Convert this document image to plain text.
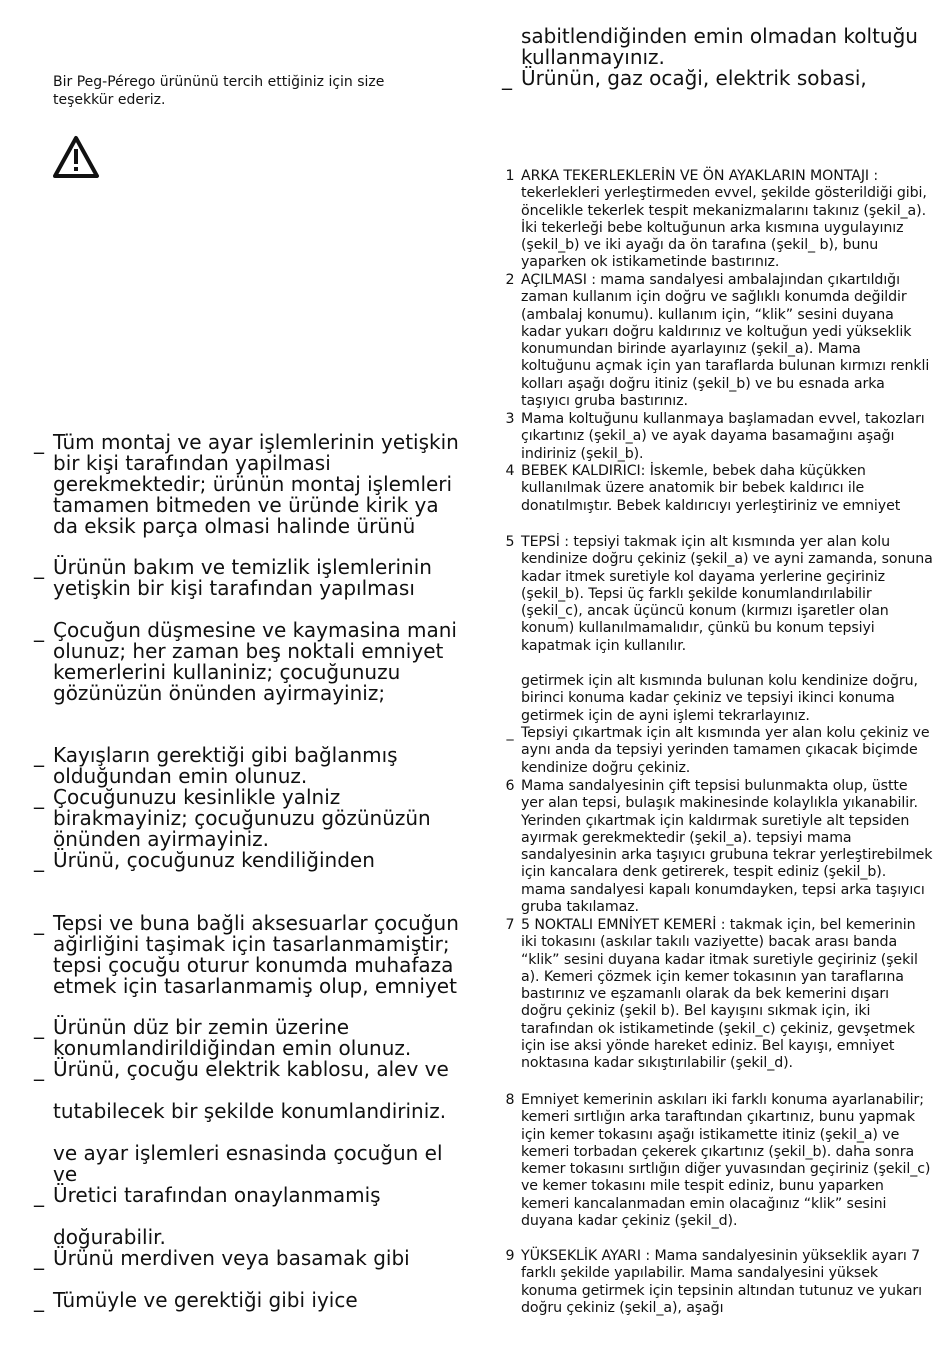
Bir Peg-Pérego ürününü tercih ettiğiniz için size teşekkür ederiz.
_ Tüm montaj ve ayar işlemlerinin yetişkin bir kişi tarafından yapilmasi gerekmektedir; ürünün montaj işlemleri tamamen bitmeden ve üründe kirik ya da eksik parça olmasi halinde ürünü
_ Ürünün bakım ve temizlik işlemlerinin yetişkin bir kişi tarafından yapılması
_ Çocuğun düşmesine ve kaymasina mani olunuz; her zaman beş noktali emniyet kemerlerini kullaniniz; çocuğunuzu gözünüzün önünden ayirmayiniz;
_ Kayışların gerektiği gibi bağlanmış olduğundan emin olunuz.
_ Çocuğunuzu kesinlikle yalniz birakmayiniz; çocuğunuzu gözünüzün önünden ayirmayiniz.
_ Ürünü, çocuğunuz kendiliğinden
_ Tepsi ve buna bağli aksesuarlar çocuğun ağirliğini taşimak için tasarlanmamiştir; tepsi çocuğu oturur konumda muhafaza etmek için tasarlanmamiş olup, emniyet
_ Ürünün düz bir zemin üzerine konumlandirildiğindan emin olunuz.
_ Ürünü, çocuğu elektrik kablosu, alev ve
tutabilecek bir şekilde konumlandiriniz.
ve ayar işlemleri esnasinda çocuğun el ve
_ Üretici tarafından onaylanmamiş
doğurabilir.
_ Ürünü merdiven veya basamak gibi
_ Tümüyle ve gerektiği gibi iyice
sabitlendiğinden emin olmadan koltuğu kullanmayınız.
_ Ürünün, gaz ocaği, elektrik sobasi,
1 ARKA TEKERLEKLERİN VE ÖN AYAKLARIN MONTAJI : tekerlekleri yerleştirmeden evvel, şekilde gösterildiği gibi, öncelikle tekerlek tespit mekanizmalarını takınız (şekil_a). İki tekerleği bebe koltuğunun arka kısmına uygulayınız (şekil_b) ve iki ayağı da ön tarafına (şekil_ b), bunu yaparken ok istikametinde bastırınız.
2 AÇILMASI : mama sandalyesi ambalajından çıkartıldığı zaman kullanım için doğru ve sağlıklı konumda değildir (ambalaj konumu). kullanım için, “klik” sesini duyana kadar yukarı doğru kaldırınız ve koltuğun yedi yükseklik konumundan birinde ayarlayınız (şekil_a). Mama koltuğunu açmak için yan taraflarda bulunan kırmızı renkli kolları aşağı doğru itiniz (şekil_b) ve bu esnada arka taşıyıcı gruba bastırınız.
3 Mama koltuğunu kullanmaya başlamadan evvel, takozları çıkartınız (şekil_a) ve ayak dayama basamağını aşağı indiriniz (şekil_b).
4 BEBEK KALDIRICI: İskemle, bebek daha küçükken kullanılmak üzere anatomik bir bebek kaldırıcı ile donatılmıştır. Bebek kaldırıcıyı yerleştiriniz ve emniyet
5 TEPSİ : tepsiyi takmak için alt kısmında yer alan kolu kendinize doğru çekiniz (şekil_a) ve ayni zamanda, sonuna kadar itmek suretiyle kol dayama yerlerine geçiriniz (şekil_b). Tepsi üç farklı şekilde konumlandırılabilir (şekil_c), ancak üçüncü konum (kırmızı işaretler olan konum) kullanılmamalıdır, çünkü bu konum tepsiyi kapatmak için kullanılır.
getirmek için alt kısmında bulunan kolu kendinize doğru, birinci konuma kadar çekiniz ve tepsiyi ikinci konuma getirmek için de ayni işlemi tekrarlayınız.
_ Tepsiyi çıkartmak için alt kısmında yer alan kolu çekiniz ve aynı anda da tepsiyi yerinden tamamen çıkacak biçimde kendinize doğru çekiniz.
6 Mama sandalyesinin çift tepsisi bulunmakta olup, üstte yer alan tepsi, bulaşık makinesinde kolaylıkla yıkanabilir. Yerinden çıkartmak için kaldırmak suretiyle alt tepsiden ayırmak gerekmektedir (şekil_a). tepsiyi mama sandalyesinin arka taşıyıcı grubuna tekrar yerleştirebilmek için kancalara denk getirerek, tespit ediniz (şekil_b). mama sandalyesi kapalı konumdayken, tepsi arka taşıyıcı gruba takılamaz.
7 5 NOKTALI EMNİYET KEMERİ : takmak için, bel kemerinin iki tokasını (askılar takılı vaziyette) bacak arası banda “klik” sesini duyana kadar itmak suretiyle geçiriniz (şekil a). Kemeri çözmek için kemer tokasının yan taraflarına bastırınız ve eşzamanlı olarak da bek kemerini dışarı doğru çekiniz (şekil b). Bel kayışını sıkmak için, iki tarafından ok istikametinde (şekil_c) çekiniz, gevşetmek için ise aksi yönde hareket ediniz. Bel kayışı, emniyet noktasına kadar sıkıştırılabilir (şekil_d).
8 Emniyet kemerinin askıları iki farklı konuma ayarlanabilir; kemeri sırtlığın arka taraftından çıkartınız, bunu yapmak için kemer tokasını aşağı istikamette itiniz (şekil_a) ve kemeri torbadan çekerek çıkartınız (şekil_b). daha sonra kemer tokasını sırtlığın diğer yuvasından geçiriniz (şekil_c) ve kemer tokasını mile tespit ediniz, bunu yaparken kemeri kancalanmadan emin olacağınız “klik” sesini duyana kadar çekiniz (şekil_d).
9 YÜKSEKLİK AYARI : Mama sandalyesinin yükseklik ayarı 7 farklı şekilde yapılabilir. Mama sandalyesini yüksek konuma getirmek için tepsinin altından tutunuz ve yukarı doğru çekiniz (şekil_a), aşağı
